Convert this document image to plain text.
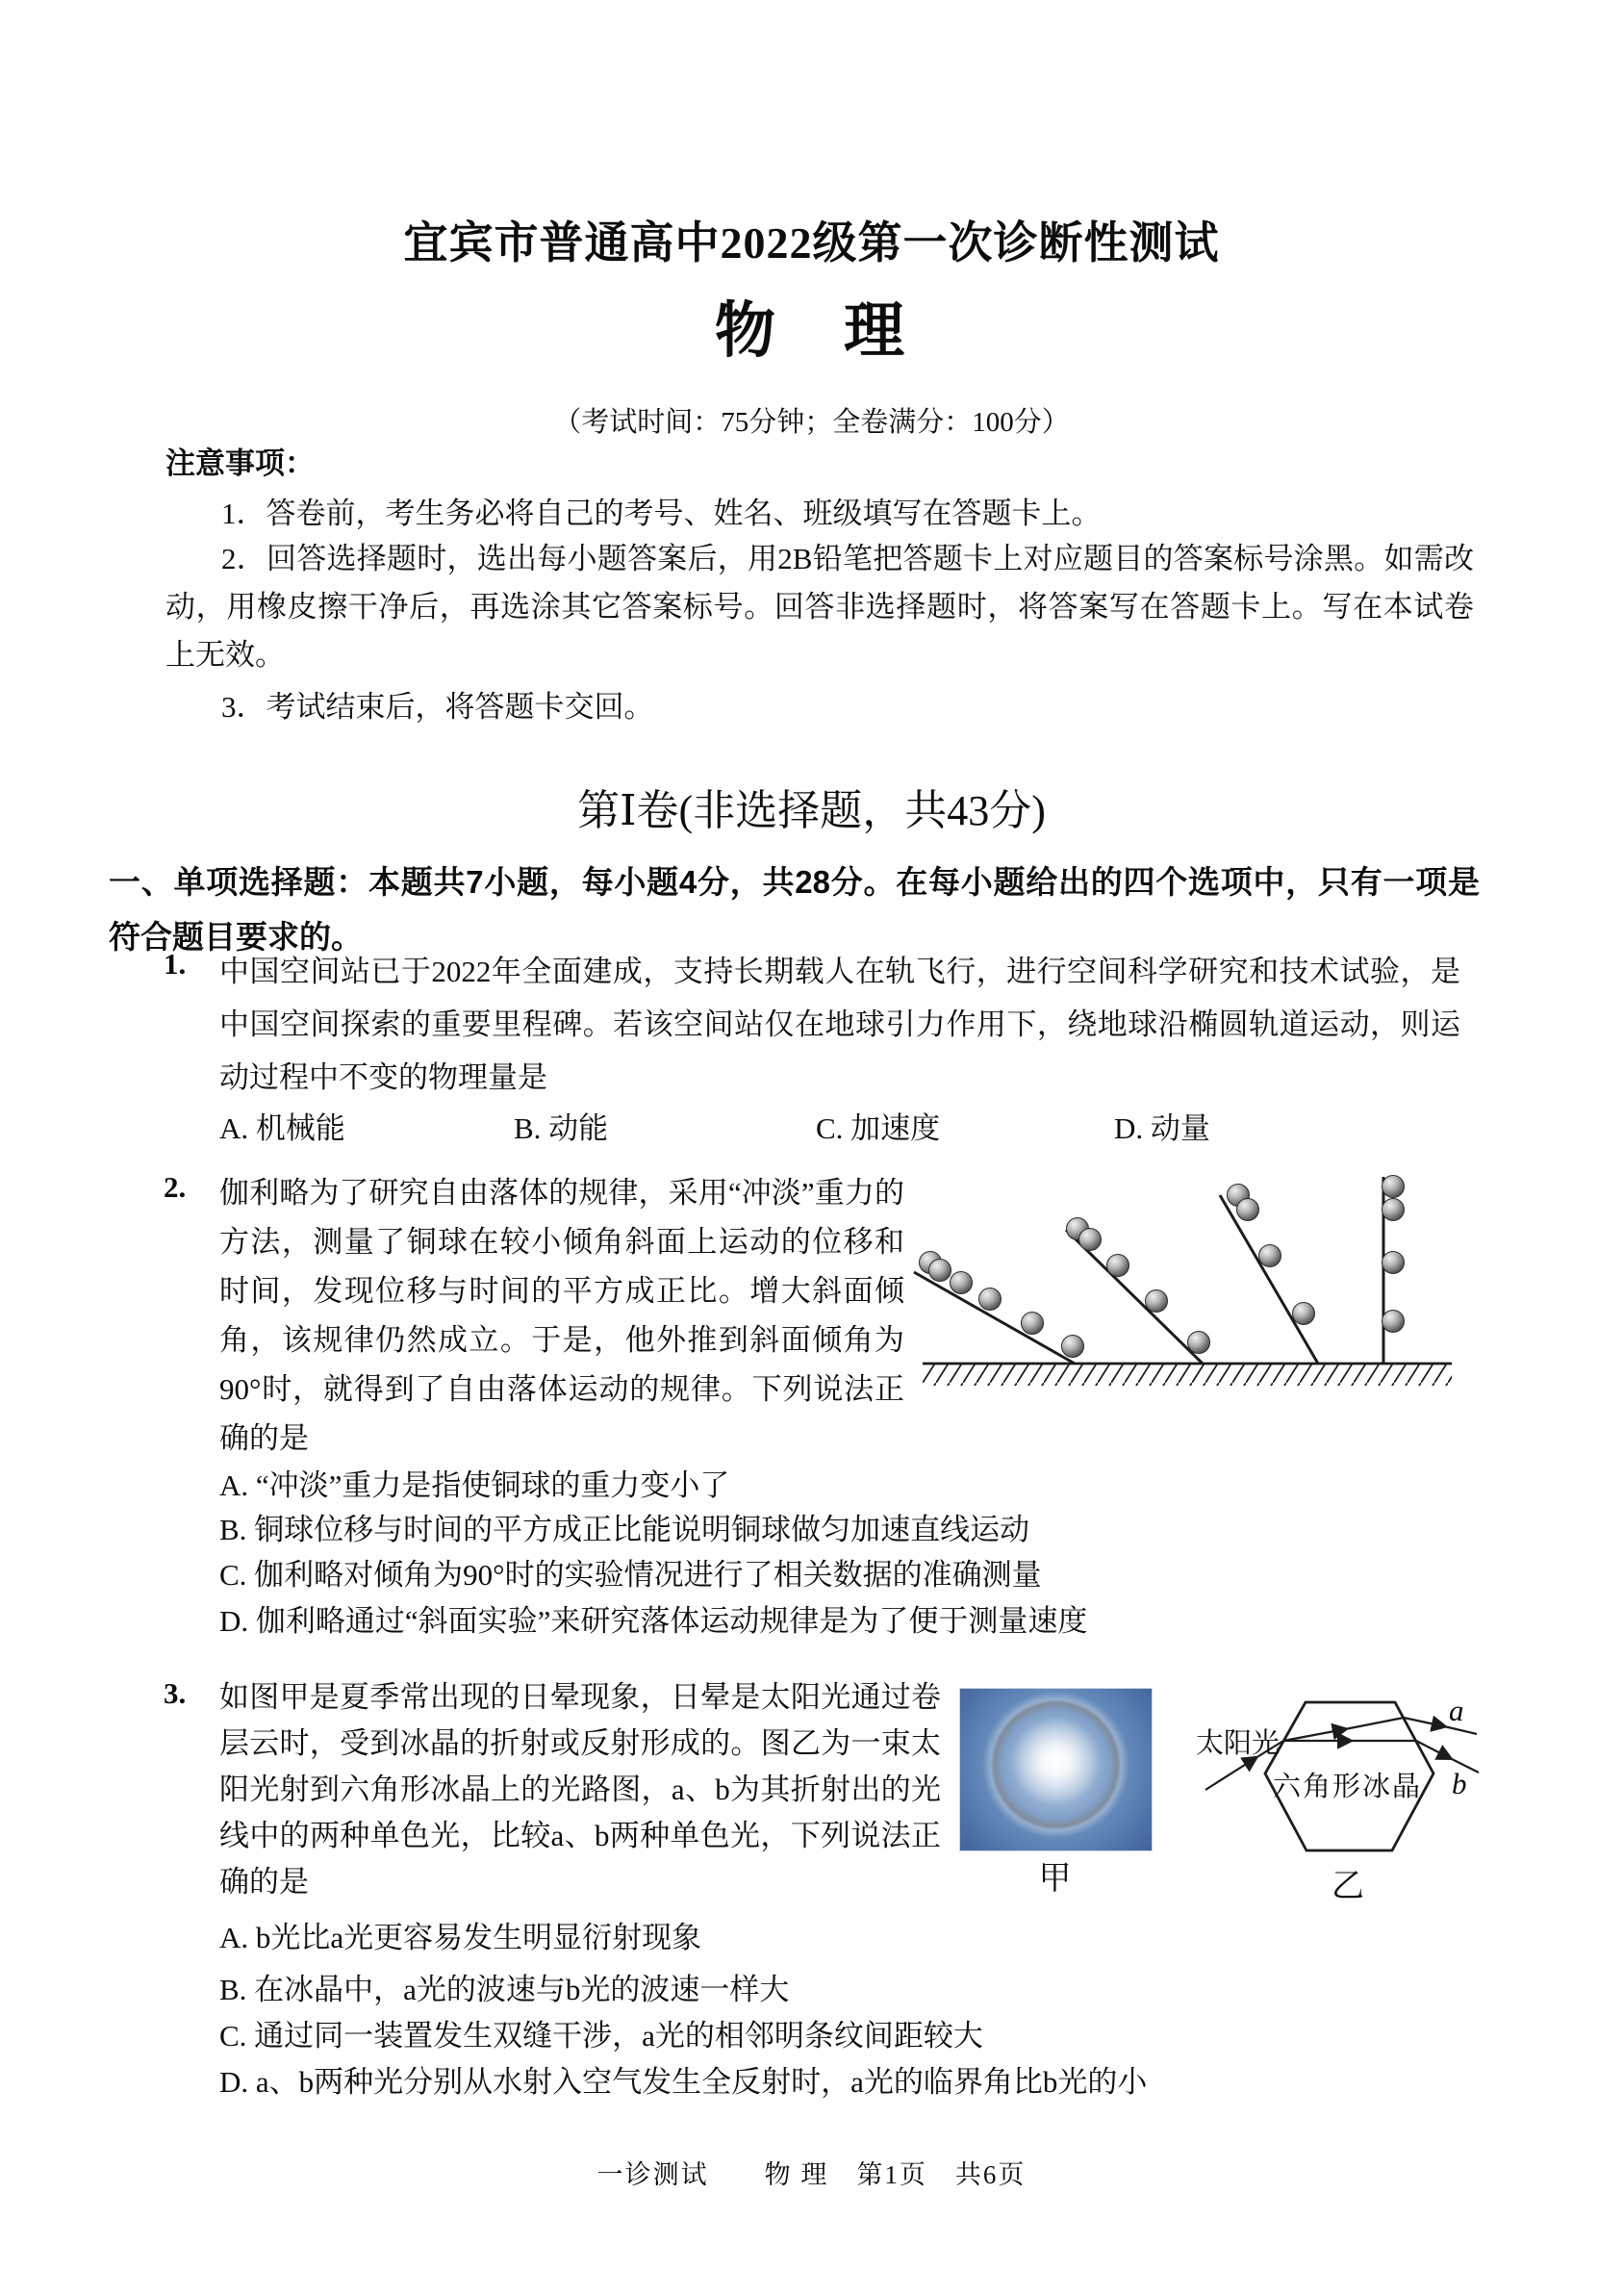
宜宾市普通高中2022级第一次诊断性测试
物　理
（考试时间：75分钟；全卷满分：100分）
注意事项：
1．答卷前，考生务必将自己的考号、姓名、班级填写在答题卡上。
2．回答选择题时，选出每小题答案后，用2B铅笔把答题卡上对应题目的答案标号涂黑。如需改动，用橡皮擦干净后，再选涂其它答案标号。回答非选择题时，将答案写在答题卡上。写在本试卷上无效。
3．考试结束后，将答题卡交回。
第Ⅰ卷(非选择题，共43分)
一、单项选择题：本题共7小题，每小题4分，共28分。在每小题给出的四个选项中，只有一项是符合题目要求的。
1. 中国空间站已于2022年全面建成，支持长期载人在轨飞行，进行空间科学研究和技术试验，是中国空间探索的重要里程碑。若该空间站仅在地球引力作用下，绕地球沿椭圆轨道运动，则运动过程中不变的物理量是
A. 机械能	B. 动能	C. 加速度	D. 动量
2. 伽利略为了研究自由落体的规律，采用“冲淡”重力的方法，测量了铜球在较小倾角斜面上运动的位移和时间，发现位移与时间的平方成正比。增大斜面倾角，该规律仍然成立。于是，他外推到斜面倾角为90°时，就得到了自由落体运动的规律。下列说法正确的是
A. “冲淡”重力是指使铜球的重力变小了
B. 铜球位移与时间的平方成正比能说明铜球做匀加速直线运动
C. 伽利略对倾角为90°时的实验情况进行了相关数据的准确测量
D. 伽利略通过“斜面实验”来研究落体运动规律是为了便于测量速度
3. 如图甲是夏季常出现的日晕现象，日晕是太阳光通过卷层云时，受到冰晶的折射或反射形成的。图乙为一束太阳光射到六角形冰晶上的光路图，a、b为其折射出的光线中的两种单色光，比较a、b两种单色光，下列说法正确的是
A. b光比a光更容易发生明显衍射现象
B. 在冰晶中，a光的波速与b光的波速一样大
C. 通过同一装置发生双缝干涉，a光的相邻明条纹间距较大
D. a、b两种光分别从水射入空气发生全反射时，a光的临界角比b光的小
甲
太阳光
六角形冰晶
a
b
乙
一诊测试　　物 理　第1页　共6页
